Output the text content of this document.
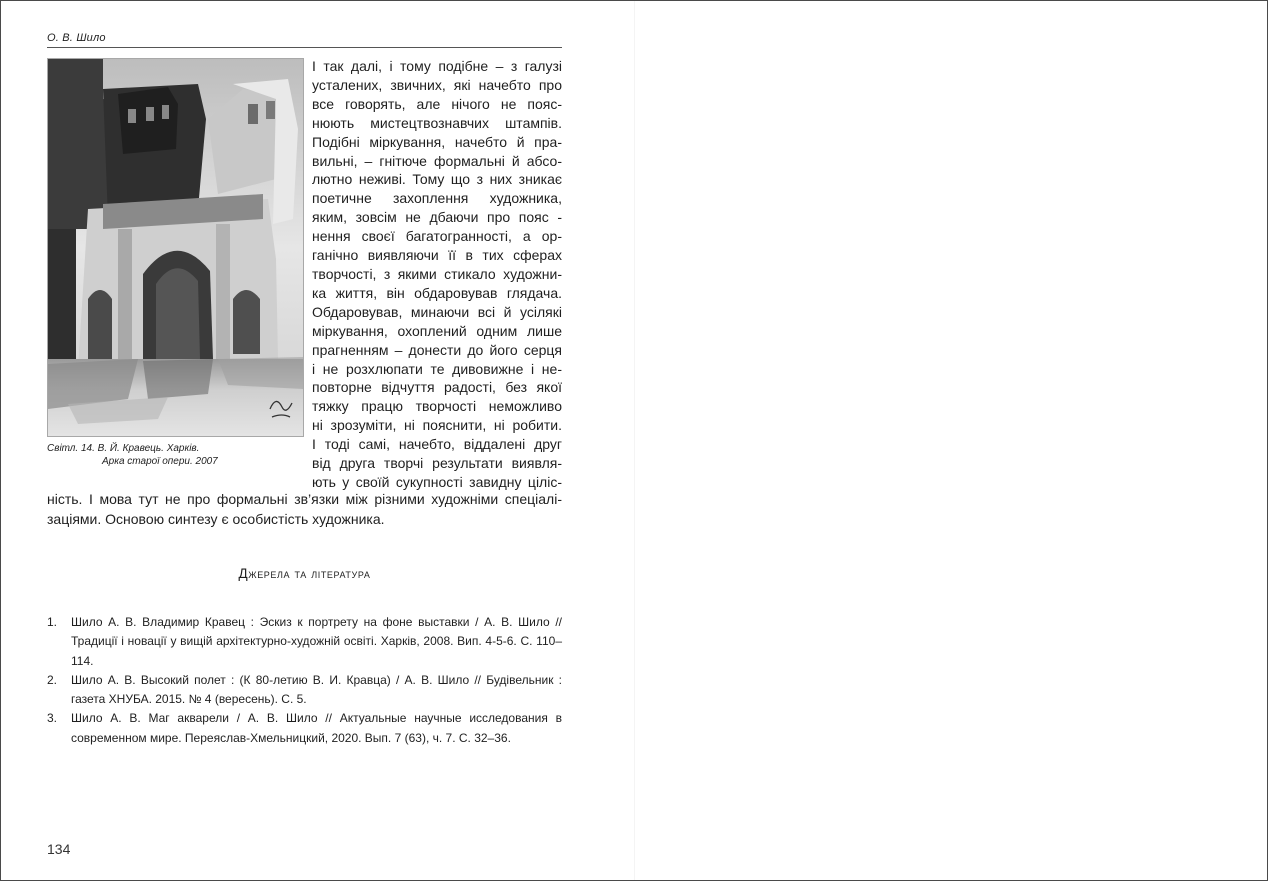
О. В. Шило
Світл. 14. В. Й. Кравець. Харків.
Арка старої опери. 2007
І так далі, і тому подібне – з галузі
усталених, звичних, які начебто про
все говорять, але нічого не пояс-
нюють мистецтвознавчих штампів.
Подібні міркування, начебто й пра-
вильні, – гнітюче формальні й абсо-
лютно неживі. Тому що з них зникає
поетичне захоплення художника,
яким, зовсім не дбаючи про пояс -
нення своєї багатогранності, а ор-
ганічно виявляючи її в тих сферах
творчості, з якими стикало художни-
ка життя, він обдаровував глядача.
Обдаровував, минаючи всі й усілякі
міркування, охоплений одним лише
прагненням – донести до його серця
і не розхлюпати те дивовижне і не-
повторне відчуття радості, без якої
тяжку працю творчості неможливо
ні зрозуміти, ні пояснити, ні робити.
І тоді самі, начебто, віддалені друг
від друга творчі результати виявля-
ють у своїй сукупності завидну ціліс-
ність. І мова тут не про формальні зв’язки між різними художніми спеціалі-
заціями. Основою синтезу є особистість художника.
Джерела та література
1. Шило А. В. Владимир Кравец : Эскиз к портрету на фоне выставки / А. В. Шило // Традиції і новації у вищій архітектурно-художній освіті. Харків, 2008. Вип. 4-5-6. С. 110–114.
2. Шило А. В. Высокий полет : (К 80-летию В. И. Кравца) / А. В. Шило // Будівельник : газета ХНУБА. 2015. № 4 (вересень). С. 5.
3. Шило А. В. Маг акварели / А. В. Шило // Актуальные научные исследования в современном мире. Переяслав-Хмельницкий, 2020. Вып. 7 (63), ч. 7. С. 32–36.
134
